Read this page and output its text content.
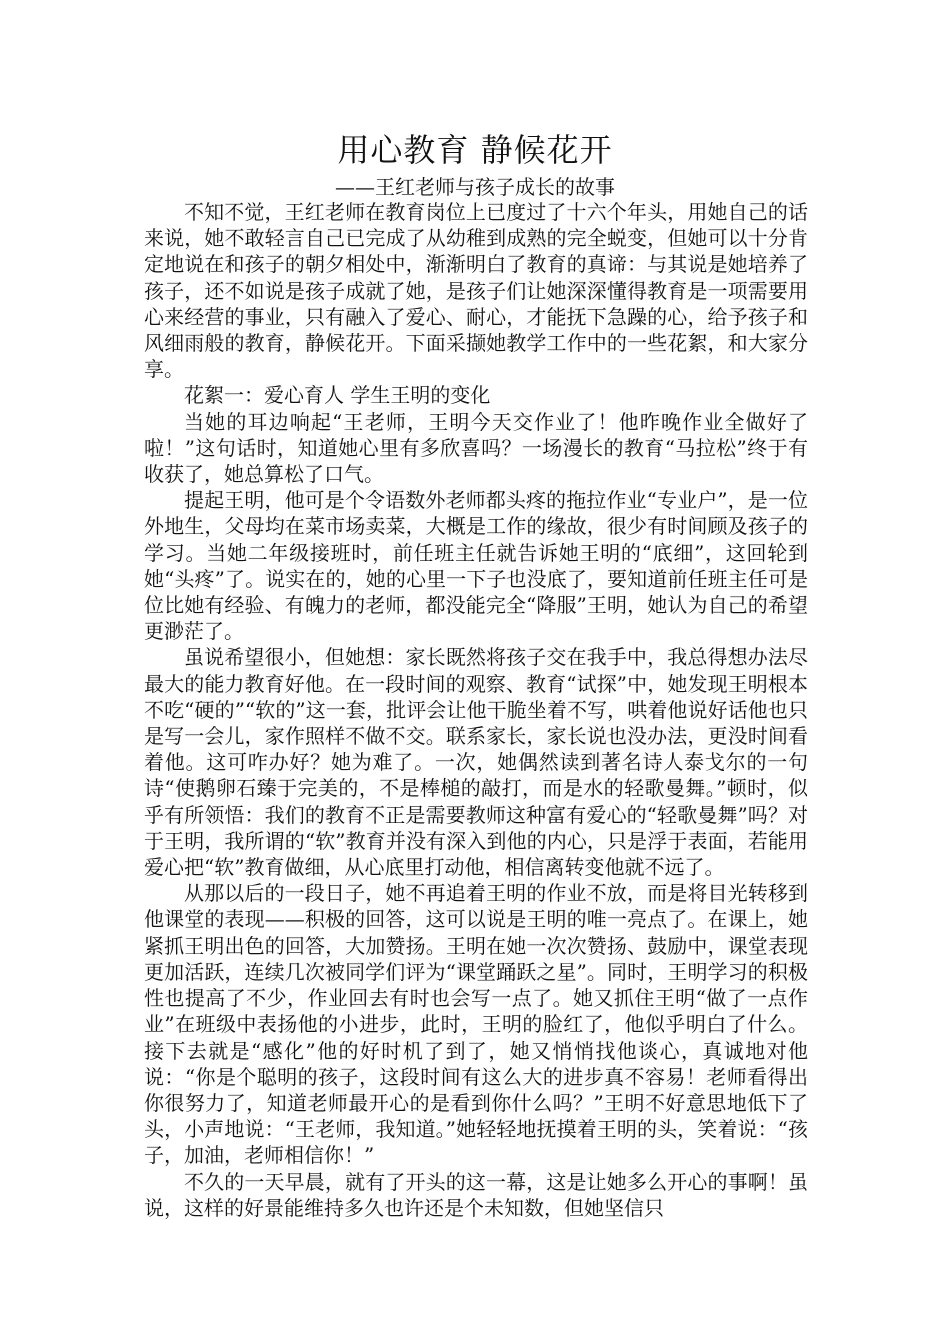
用心教育 静候花开
——王红老师与孩子成长的故事

不知不觉，王红老师在教育岗位上已度过了十六个年头，用她自己的话来说，她不敢轻言自己已完成了从幼稚到成熟的完全蜕变，但她可以十分肯定地说在和孩子的朝夕相处中，渐渐明白了教育的真谛：与其说是她培养了孩子，还不如说是孩子成就了她，是孩子们让她深深懂得教育是一项需要用心来经营的事业，只有融入了爱心、耐心，才能抚下急躁的心，给予孩子和风细雨般的教育，静候花开。下面采撷她教学工作中的一些花絮，和大家分享。

花絮一：爱心育人 学生王明的变化

当她的耳边响起“王老师，王明今天交作业了！他昨晚作业全做好了啦！”这句话时，知道她心里有多欣喜吗？一场漫长的教育“马拉松”终于有收获了，她总算松了口气。

提起王明，他可是个令语数外老师都头疼的拖拉作业“专业户”，是一位外地生，父母均在菜市场卖菜，大概是工作的缘故，很少有时间顾及孩子的学习。当她二年级接班时，前任班主任就告诉她王明的“底细”，这回轮到她“头疼”了。说实在的，她的心里一下子也没底了，要知道前任班主任可是位比她有经验、有魄力的老师，都没能完全“降服”王明，她认为自己的希望更渺茫了。

虽说希望很小，但她想：家长既然将孩子交在我手中，我总得想办法尽最大的能力教育好他。在一段时间的观察、教育“试探”中，她发现王明根本不吃“硬的”“软的”这一套，批评会让他干脆坐着不写，哄着他说好话他也只是写一会儿，家作照样不做不交。联系家长，家长说也没办法，更没时间看着他。这可咋办好？她为难了。一次，她偶然读到著名诗人泰戈尔的一句诗“使鹅卵石臻于完美的，不是棒槌的敲打，而是水的轻歌曼舞。”顿时，似乎有所领悟：我们的教育不正是需要教师这种富有爱心的“轻歌曼舞”吗？对于王明，我所谓的“软”教育并没有深入到他的内心，只是浮于表面，若能用爱心把“软”教育做细，从心底里打动他，相信离转变他就不远了。

从那以后的一段日子，她不再追着王明的作业不放，而是将目光转移到他课堂的表现——积极的回答，这可以说是王明的唯一亮点了。在课上，她紧抓王明出色的回答，大加赞扬。王明在她一次次赞扬、鼓励中，课堂表现更加活跃，连续几次被同学们评为“课堂踊跃之星”。同时，王明学习的积极性也提高了不少，作业回去有时也会写一点了。她又抓住王明“做了一点作业”在班级中表扬他的小进步，此时，王明的脸红了，他似乎明白了什么。接下去就是“感化”他的好时机了到了，她又悄悄找他谈心，真诚地对他说：“你是个聪明的孩子，这段时间有这么大的进步真不容易！老师看得出你很努力了，知道老师最开心的是看到你什么吗？”王明不好意思地低下了头，小声地说：“王老师，我知道。”她轻轻地抚摸着王明的头，笑着说：“孩子，加油，老师相信你！”

不久的一天早晨，就有了开头的这一幕，这是让她多么开心的事啊！虽说，这样的好景能维持多久也许还是个未知数，但她坚信只
